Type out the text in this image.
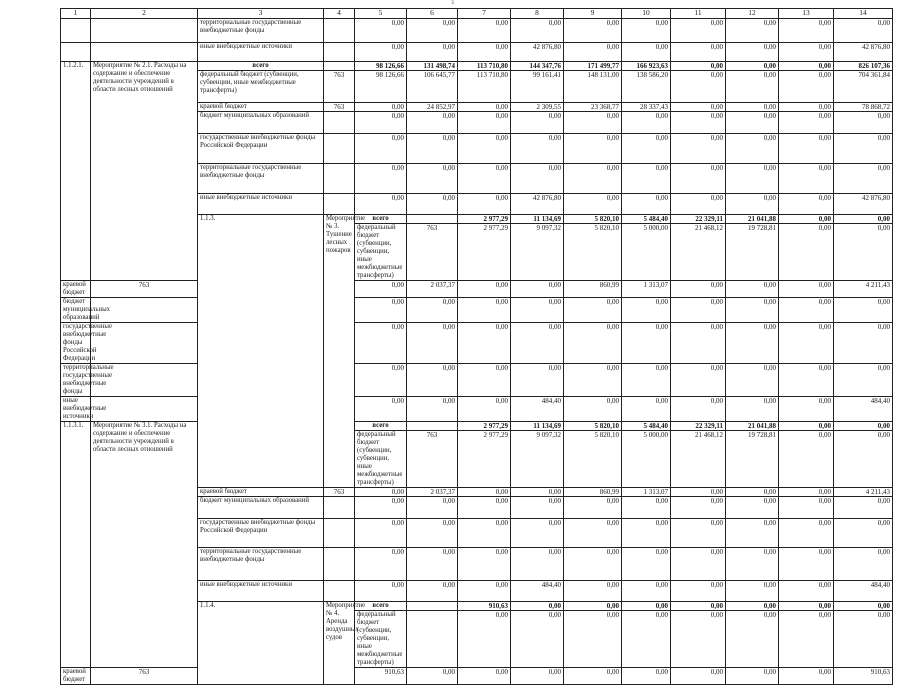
3
1	2	3	4	5	6	7	8	9	10	11	12	13	14	
		территориальные государственные внебюджетные фонды		0,00	0,00	0,00	0,00	0,00	0,00	0,00	0,00	0,00	0,00	
		иные внебюджетные источники		0,00	0,00	0,00	42 876,80	0,00	0,00	0,00	0,00	0,00	42 876,80	
1.1.2.1.	Мероприятие № 2.1. Расходы на содержание и обеспечение деятельности учреждений в области лесных отношений	всего		98 126,66	131 498,74	113 710,80	144 347,76	171 499,77	166 923,63	0,00	0,00	0,00	826 107,36	
		федеральный бюджет (субвенции, субвенции, иные межбюджетные трансферты)	763	98 126,66	106 645,77	113 710,80	99 161,41	148 131,00	138 586,20	0,00	0,00	0,00	704 361,84	
		краевой бюджет	763	0,00	24 852,97	0,00	2 309,55	23 368,77	28 337,43	0,00	0,00	0,00	78 868,72	
		бюджет муниципальных образований		0,00	0,00	0,00	0,00	0,00	0,00	0,00	0,00	0,00	0,00	
		государственные внебюджетные фонды Российской Федерации		0,00	0,00	0,00	0,00	0,00	0,00	0,00	0,00	0,00	0,00	
		территориальные государственные внебюджетные фонды		0,00	0,00	0,00	0,00	0,00	0,00	0,00	0,00	0,00	0,00	
		иные внебюджетные источники		0,00	0,00	0,00	42 876,80	0,00	0,00	0,00	0,00	0,00	42 876,80	
		1.1.3.	Мероприятие № 3. Тушение лесных пожаров	всего		2 977,29	11 134,69	5 820,10	5 484,40	22 329,11	21 041,88	0,00	0,00		
				федеральный бюджет (субвенции, субвенции, иные межбюджетные трансферты)	763	2 977,29	9 097,32	5 820,10	5 000,00	21 468,12	19 728,81	0,00	0,00		
краевой бюджет	763			0,00	2 037,37	0,00	0,00	860,99	1 313,07	0,00	0,00	0,00	4 211,43	
бюджет муниципальных образований				0,00	0,00	0,00	0,00	0,00	0,00	0,00	0,00	0,00	0,00	
государственные внебюджетные фонды Российской Федерации				0,00	0,00	0,00	0,00	0,00	0,00	0,00	0,00	0,00	0,00	
территориальные государственные внебюджетные фонды				0,00	0,00	0,00	0,00	0,00	0,00	0,00	0,00	0,00	0,00	
иные внебюджетные источники				0,00	0,00	0,00	484,40	0,00	0,00	0,00	0,00	0,00	484,40	
1.1.3.1.	Мероприятие № 3.1. Расходы на содержание и обеспечение деятельности учреждений в области лесных отношений			всего		2 977,29	11 134,69	5 820,10	5 484,40	22 329,11	21 041,88	0,00	0,00		
				федеральный бюджет (субвенции, субвенции, иные межбюджетные трансферты)	763	2 977,29	9 097,32	5 820,10	5 000,00	21 468,12	19 728,81	0,00	0,00		
		краевой бюджет	763	0,00	2 037,37	0,00	0,00	860,99	1 313,07	0,00	0,00	0,00	4 211,43	
		бюджет муниципальных образований		0,00	0,00	0,00	0,00	0,00	0,00	0,00	0,00	0,00	0,00	
		государственные внебюджетные фонды Российской Федерации		0,00	0,00	0,00	0,00	0,00	0,00	0,00	0,00	0,00	0,00	
		территориальные государственные внебюджетные фонды		0,00	0,00	0,00	0,00	0,00	0,00	0,00	0,00	0,00	0,00	
		иные внебюджетные источники		0,00	0,00	0,00	484,40	0,00	0,00	0,00	0,00	0,00	484,40	
		1.1.4.	Мероприятие № 4. Аренда воздушных судов	всего		910,63	0,00	0,00	0,00	0,00	0,00	0,00	0,00		
				федеральный бюджет (субвенции, субвенции, иные межбюджетные трансферты)		0,00	0,00	0,00	0,00	0,00	0,00	0,00	0,00		
краевой бюджет	763			910,63	0,00	0,00	0,00	0,00	0,00	0,00	0,00	0,00	910,63	
